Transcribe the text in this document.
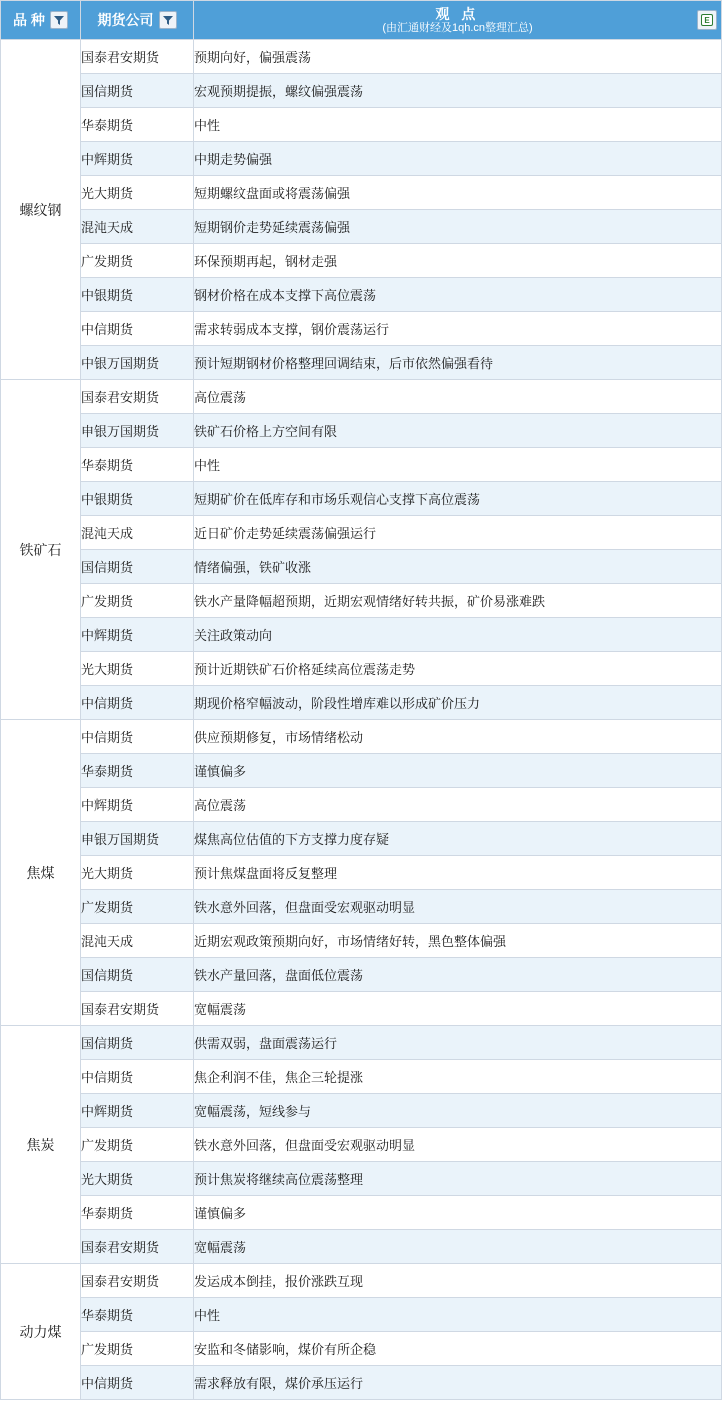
品 种	期货公司	观 点
(由汇通财经及1qh.cn整理汇总)
E

螺纹钢	国泰君安期货	预期向好，偏强震荡
	国信期货	宏观预期提振，螺纹偏强震荡
	华泰期货	中性
	中辉期货	中期走势偏强
	光大期货	短期螺纹盘面或将震荡偏强
	混沌天成	短期钢价走势延续震荡偏强
	广发期货	环保预期再起，钢材走强
	中银期货	钢材价格在成本支撑下高位震荡
	中信期货	需求转弱成本支撑，钢价震荡运行
	中银万国期货	预计短期钢材价格整理回调结束，后市依然偏强看待

铁矿石	国泰君安期货	高位震荡
	申银万国期货	铁矿石价格上方空间有限
	华泰期货	中性
	中银期货	短期矿价在低库存和市场乐观信心支撑下高位震荡
	混沌天成	近日矿价走势延续震荡偏强运行
	国信期货	情绪偏强，铁矿收涨
	广发期货	铁水产量降幅超预期，近期宏观情绪好转共振，矿价易涨难跌
	中辉期货	关注政策动向
	光大期货	预计近期铁矿石价格延续高位震荡走势
	中信期货	期现价格窄幅波动，阶段性增库难以形成矿价压力

焦煤	中信期货	供应预期修复，市场情绪松动
	华泰期货	谨慎偏多
	中辉期货	高位震荡
	申银万国期货	煤焦高位估值的下方支撑力度存疑
	光大期货	预计焦煤盘面将反复整理
	广发期货	铁水意外回落，但盘面受宏观驱动明显
	混沌天成	近期宏观政策预期向好，市场情绪好转，黑色整体偏强
	国信期货	铁水产量回落，盘面低位震荡
	国泰君安期货	宽幅震荡

焦炭	国信期货	供需双弱，盘面震荡运行
	中信期货	焦企利润不佳，焦企三轮提涨
	中辉期货	宽幅震荡，短线参与
	广发期货	铁水意外回落，但盘面受宏观驱动明显
	光大期货	预计焦炭将继续高位震荡整理
	华泰期货	谨慎偏多
	国泰君安期货	宽幅震荡

动力煤	国泰君安期货	发运成本倒挂，报价涨跌互现
	华泰期货	中性
	广发期货	安监和冬储影响，煤价有所企稳
	中信期货	需求释放有限，煤价承压运行
